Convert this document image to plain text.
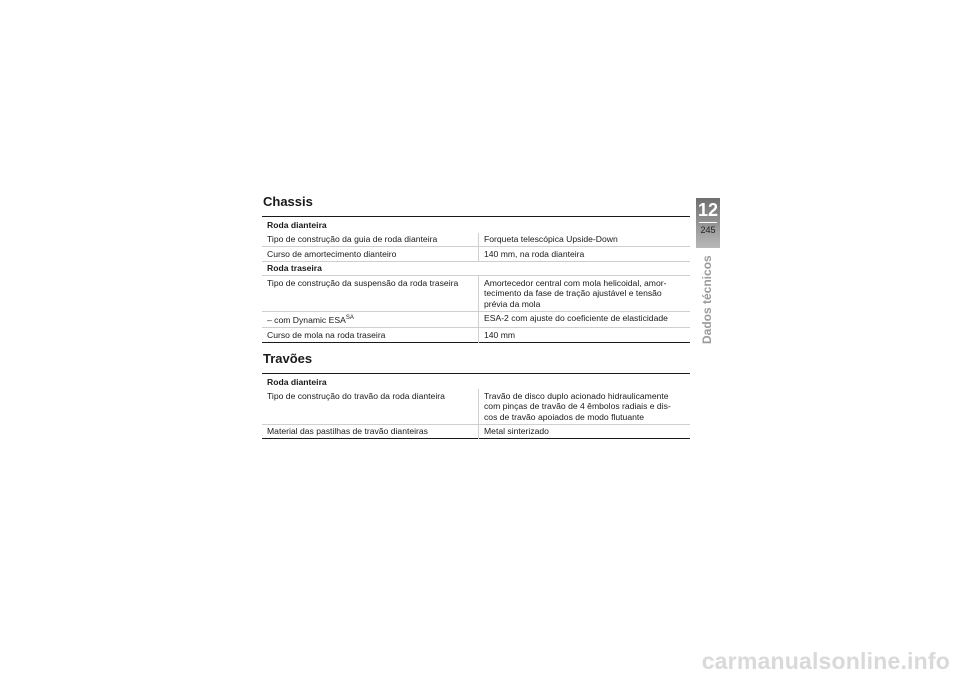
Chassis
Roda dianteira	
Tipo de construção da guia de roda dianteira	Forqueta telescópica Upside-Down
Curso de amortecimento dianteiro	140 mm, na roda dianteira
Roda traseira	
Tipo de construção da suspensão da roda traseira	Amortecedor central com mola helicoidal, amor- tecimento da fase de tração ajustável e tensão prévia da mola
– com Dynamic $ESA^{SA}$	ESA-2 com ajuste do coeficiente de elasticidade
Curso de mola na roda traseira	140 mm
Travões
Roda dianteira	
Tipo de construção do travão da roda dianteira	Travão de disco duplo acionado hidraulicamente com pinças de travão de 4 êmbolos radiais e dis- cos de travão apoiados de modo flutuante
Material das pastilhas de travão dianteiras	Metal sinterizado
12
245
Dados técnicos
carmanualsonline.info
